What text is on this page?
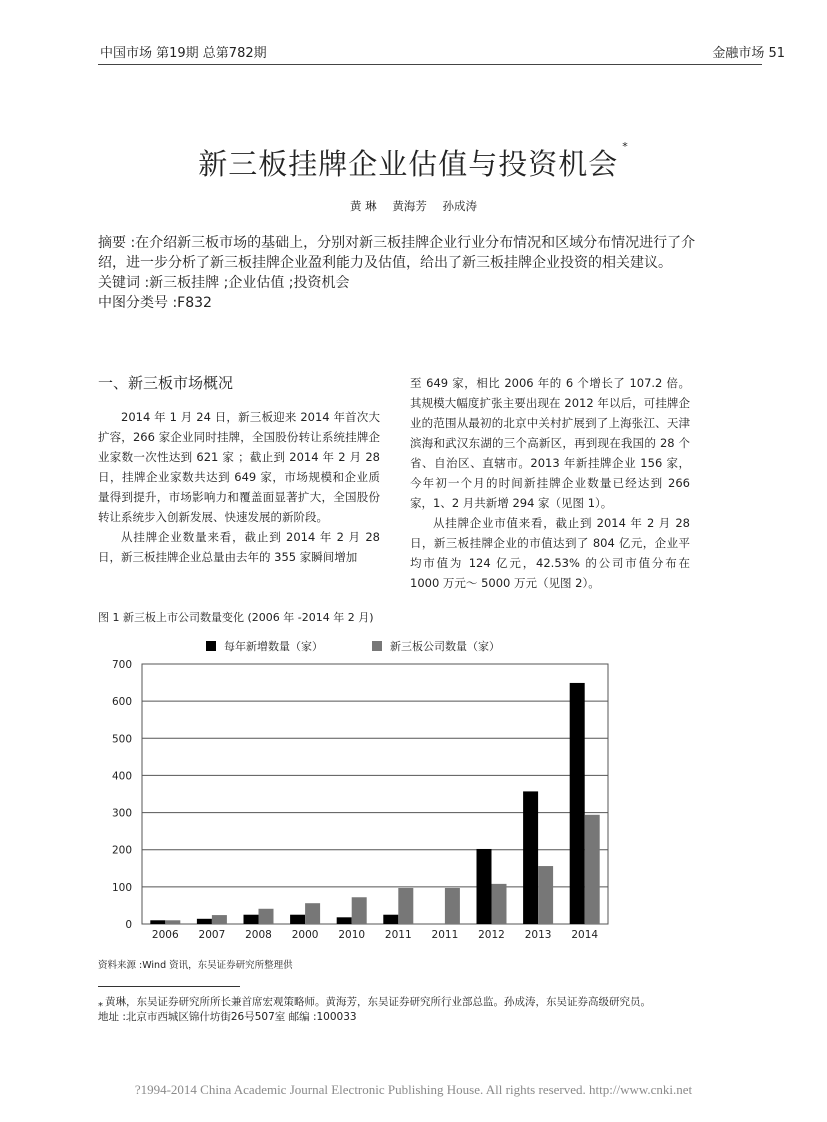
中国市场 第19期 总第782期	金融市场 51
新三板挂牌企业估值与投资机会*
黄 琳 黄海芳 孙成涛

摘要 :在介绍新三板市场的基础上，分别对新三板挂牌企业行业分布情况和区域分布情况进行了介绍，进一步分析了新三板挂牌企业盈利能力及估值，给出了新三板挂牌企业投资的相关建议。

关键词 :新三板挂牌 ;企业估值 ;投资机会

中图分类号 :F832

一、新三板市场概况

2014 年 1 月 24 日，新三板迎来 2014 年首次大扩容，266 家企业同时挂牌，全国股份转让系统挂牌企业家数一次性达到 621 家 ；截止到 2014 年 2 月 28 日，挂牌企业家数共达到 649 家，市场规模和企业质量得到提升，市场影响力和覆盖面显著扩大，全国股份转让系统步入创新发展、快速发展的新阶段。

从挂牌企业数量来看，截止到 2014 年 2 月 28 日，新三板挂牌企业总量由去年的 355 家瞬间增加

至 649 家，相比 2006 年的 6 个增长了 107.2 倍。其规模大幅度扩张主要出现在 2012 年以后，可挂牌企业的范围从最初的北京中关村扩展到了上海张江、天津滨海和武汉东湖的三个高新区，再到现在我国的 28 个省、自治区、直辖市。2013 年新挂牌企业 156 家，今年初一个月的时间新挂牌企业数量已经达到 266 家，1、2 月共新增 294 家（见图 1）。

从挂牌企业市值来看，截止到 2014 年 2 月 28 日，新三板挂牌企业的市值达到了 804 亿元，企业平均市值为 124 亿元，42.53% 的公司市值分布在 1000 万元～ 5000 万元（见图 2）。

图 1 新三板上市公司数量变化 (2006 年 -2014 年 2 月)
每年新增数量（家）	新三板公司数量（家）
0
100
200
300
400
500
600
700
2006 2007 2008 2000 2010 2011 2011 2012 2013 2014
资料来源 :Wind 资讯，东吴证券研究所整理供

* 黄琳，东吴证券研究所所长兼首席宏观策略师。黄海芳，东吴证券研究所行业部总监。孙成涛，东吴证券高级研究员。

地址 :北京市西城区锦什坊街26号507室 邮编 :100033

?1994-2014 China Academic Journal Electronic Publishing House. All rights reserved. http://www.cnki.net
